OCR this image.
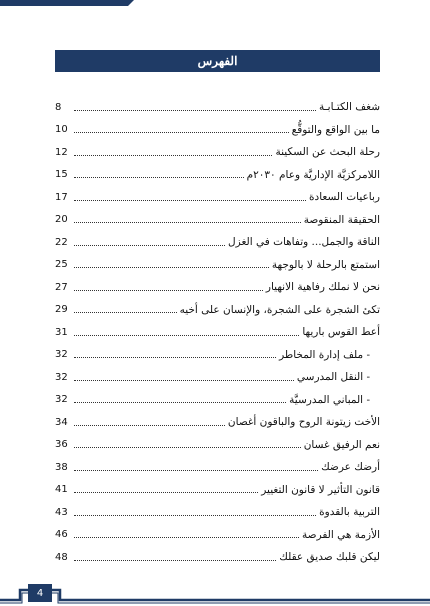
الفهرس
8	شغف الكتـابـة
10	ما بين الواقع والتوقُّع
12	رحلة البحث عن السكينة
15	اللامركزيَّة الإداريَّة وعام ٢٠٣٠م
17	رباعيات السعادة
20	الحقيقة المنقوصة
22	الناقة والجمل... وتفاهات في الغزل
25	استمتع بالرحلة لا بالوجهة
27	نحن لا نملك رفاهية الانهيار
29	تكئ الشجرة على الشجرة، والإنسان على أخيه
31	أعط القوس باريها
32	- ملف إدارة المخاطر
32	- النقل المدرسي
32	- المباني المدرسيَّة
34	الأخت زيتونة الروح والباقون أغصان
36	نعم الرفيق غسان
38	أرضك عرضك
41	قانون التأثير لا قانون التغيير
43	التربية بالقدوة
46	الأزمة هي الفرصة
48	ليكن قلبك صديق عقلك
4
